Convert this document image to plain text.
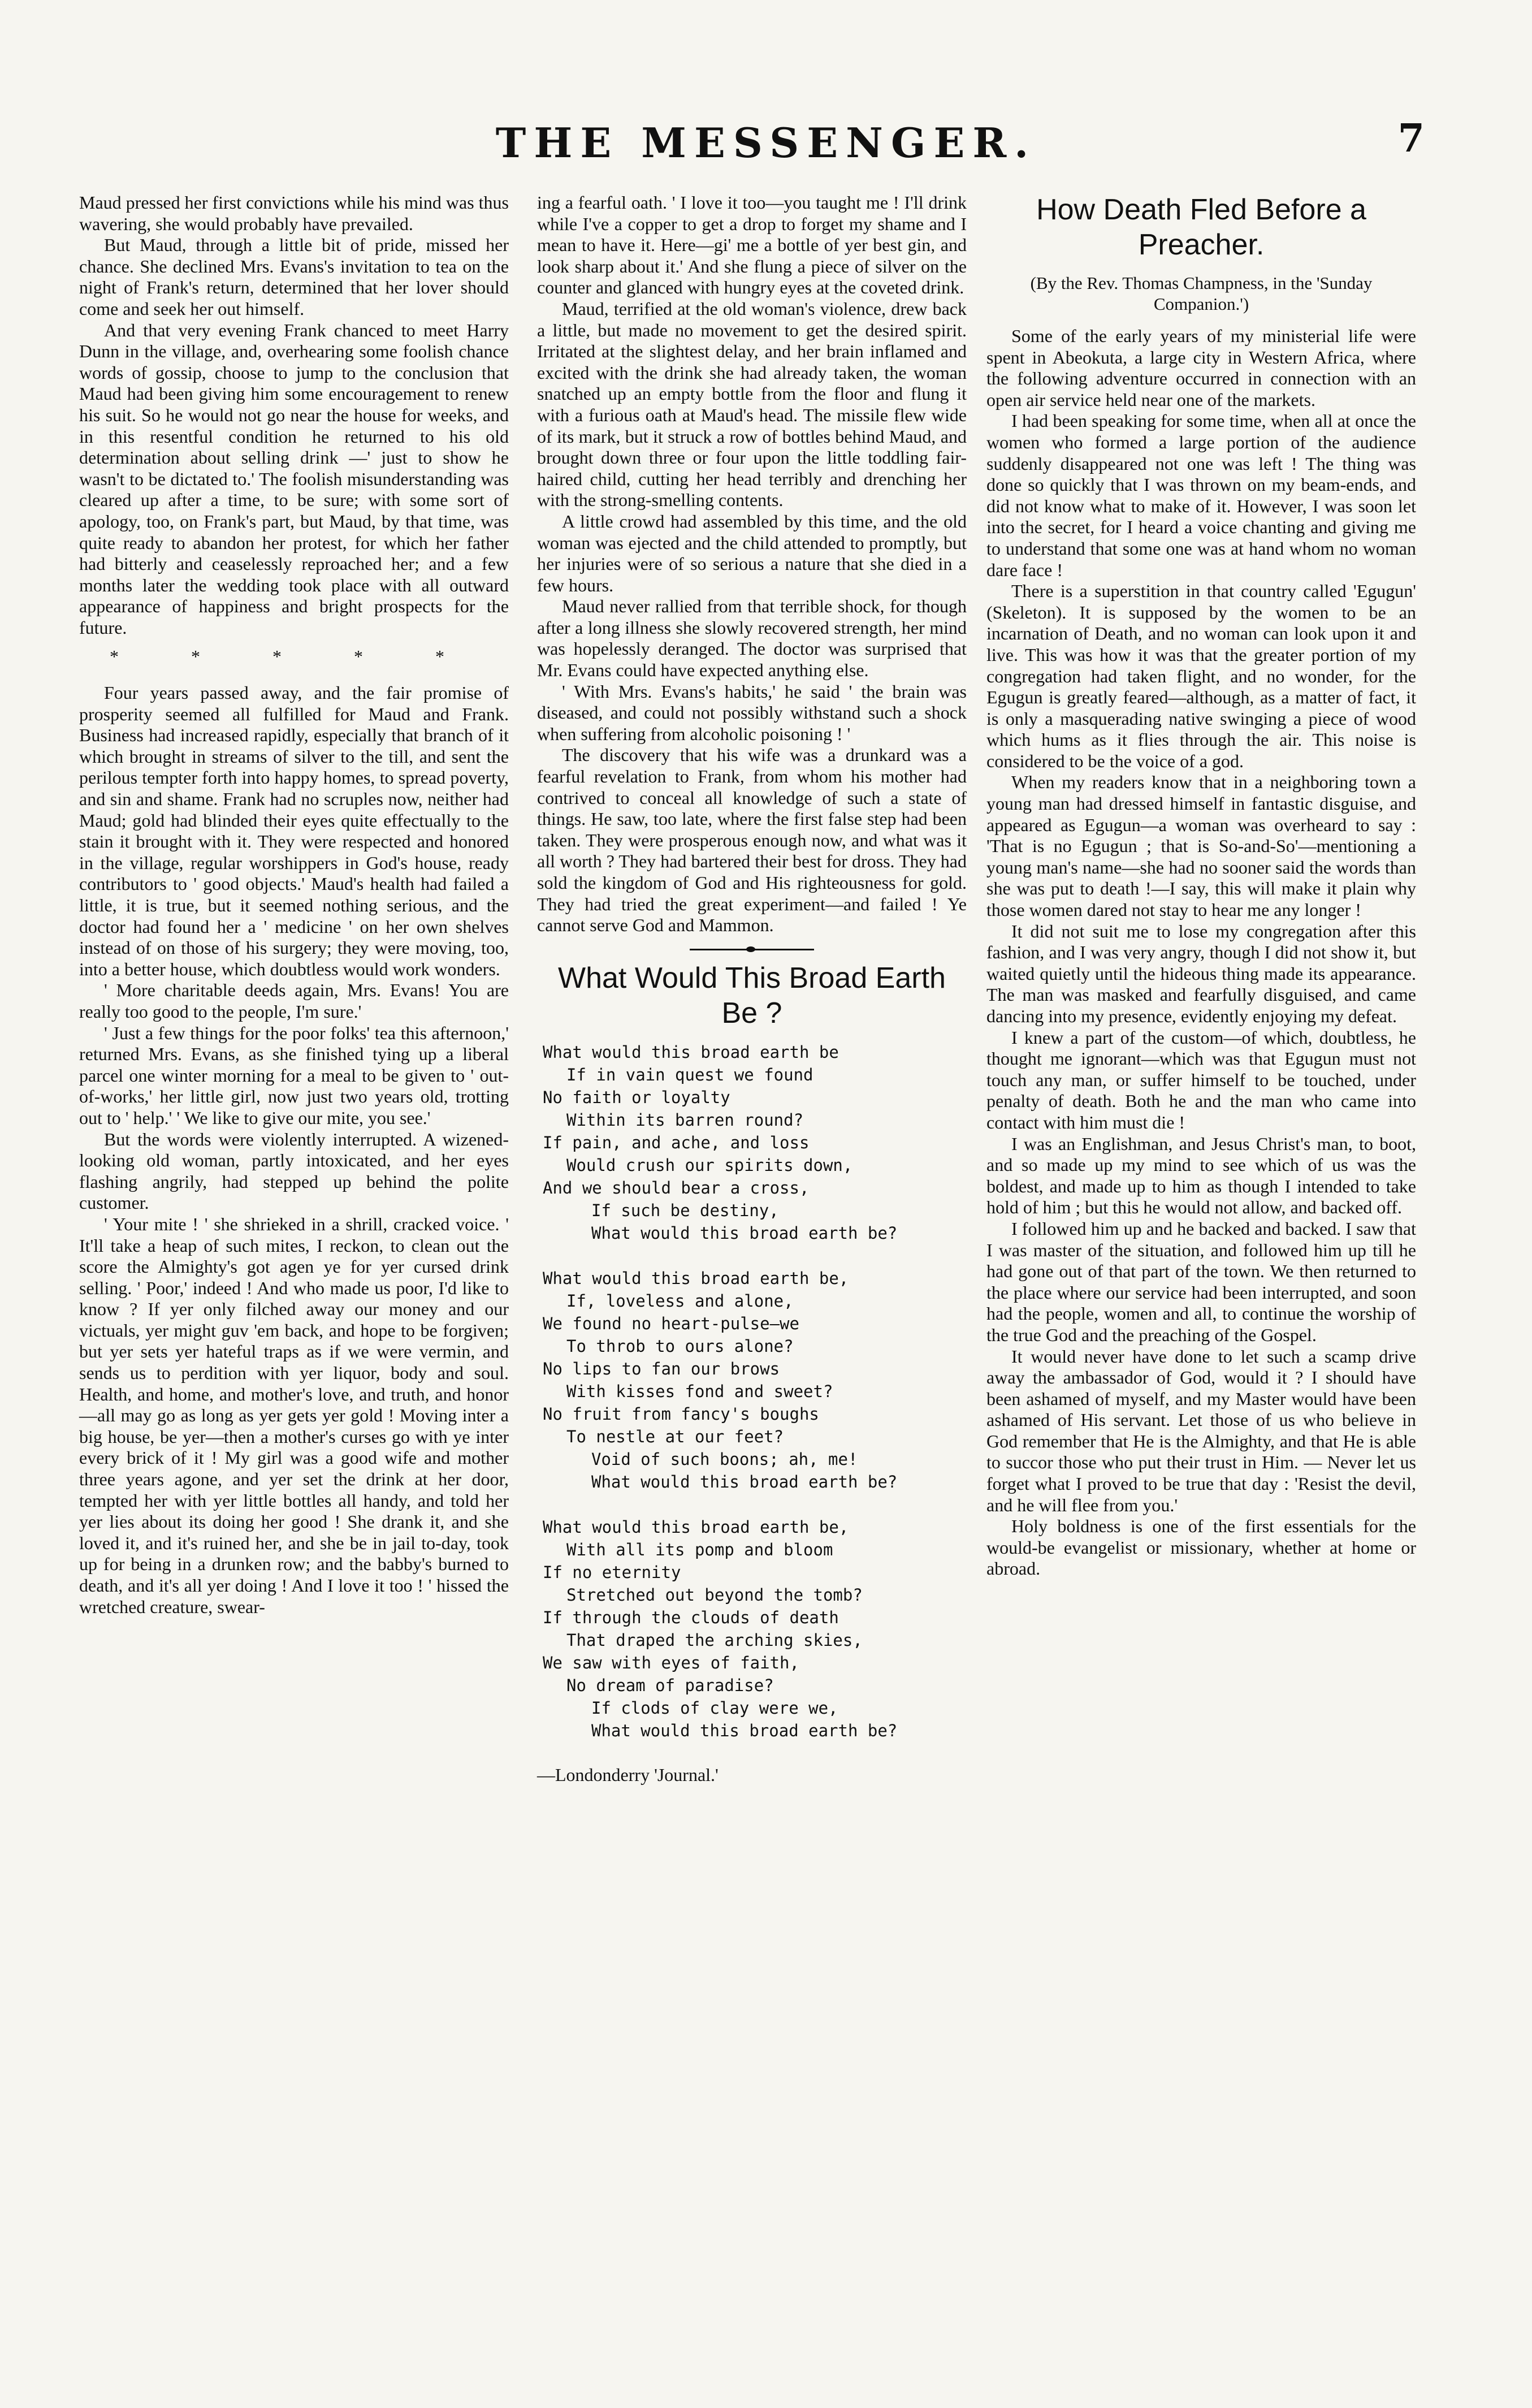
THE MESSENGER.	7

Maud pressed her first convictions while his mind was thus wavering, she would probably have prevailed.

But Maud, through a little bit of pride, missed her chance. She declined Mrs. Evans's invitation to tea on the night of Frank's return, determined that her lover should come and seek her out himself.

And that very evening Frank chanced to meet Harry Dunn in the village, and, overhearing some foolish chance words of gossip, choose to jump to the conclusion that Maud had been giving him some encouragement to renew his suit. So he would not go near the house for weeks, and in this resentful condition he returned to his old determination about selling drink —' just to show he wasn't to be dictated to.' The foolish misunderstanding was cleared up after a time, to be sure; with some sort of apology, too, on Frank's part, but Maud, by that time, was quite ready to abandon her protest, for which her father had bitterly and ceaselessly reproached her; and a few months later the wedding took place with all outward appearance of happiness and bright prospects for the future.

* * * * *

Four years passed away, and the fair promise of prosperity seemed all fulfilled for Maud and Frank. Business had increased rapidly, especially that branch of it which brought in streams of silver to the till, and sent the perilous tempter forth into happy homes, to spread poverty, and sin and shame. Frank had no scruples now, neither had Maud; gold had blinded their eyes quite effectually to the stain it brought with it. They were respected and honored in the village, regular worshippers in God's house, ready contributors to ' good objects.' Maud's health had failed a little, it is true, but it seemed nothing serious, and the doctor had found her a ' medicine ' on her own shelves instead of on those of his surgery; they were moving, too, into a better house, which doubtless would work wonders.

' More charitable deeds again, Mrs. Evans! You are really too good to the people, I'm sure.'

' Just a few things for the poor folks' tea this afternoon,' returned Mrs. Evans, as she finished tying up a liberal parcel one winter morning for a meal to be given to ' out-of-works,' her little girl, now just two years old, trotting out to ' help.' ' We like to give our mite, you see.'

But the words were violently interrupted. A wizened-looking old woman, partly intoxicated, and her eyes flashing angrily, had stepped up behind the polite customer.

' Your mite ! ' she shrieked in a shrill, cracked voice. ' It'll take a heap of such mites, I reckon, to clean out the score the Almighty's got agen ye for yer cursed drink selling. ' Poor,' indeed ! And who made us poor, I'd like to know ? If yer only filched away our money and our victuals, yer might guv 'em back, and hope to be forgiven; but yer sets yer hateful traps as if we were vermin, and sends us to perdition with yer liquor, body and soul. Health, and home, and mother's love, and truth, and honor—all may go as long as yer gets yer gold ! Moving inter a big house, be yer—then a mother's curses go with ye inter every brick of it ! My girl was a good wife and mother three years agone, and yer set the drink at her door, tempted her with yer little bottles all handy, and told her yer lies about its doing her good ! She drank it, and she loved it, and it's ruined her, and she be in jail to-day, took up for being in a drunken row; and the babby's burned to death, and it's all yer doing ! And I love it too ! ' hissed the wretched creature, swear-

ing a fearful oath. ' I love it too—you taught me ! I'll drink while I've a copper to get a drop to forget my shame and I mean to have it. Here—gi' me a bottle of yer best gin, and look sharp about it.' And she flung a piece of silver on the counter and glanced with hungry eyes at the coveted drink.

Maud, terrified at the old woman's violence, drew back a little, but made no movement to get the desired spirit. Irritated at the slightest delay, and her brain inflamed and excited with the drink she had already taken, the woman snatched up an empty bottle from the floor and flung it with a furious oath at Maud's head. The missile flew wide of its mark, but it struck a row of bottles behind Maud, and brought down three or four upon the little toddling fair-haired child, cutting her head terribly and drenching her with the strong-smelling contents.

A little crowd had assembled by this time, and the old woman was ejected and the child attended to promptly, but her injuries were of so serious a nature that she died in a few hours.

Maud never rallied from that terrible shock, for though after a long illness she slowly recovered strength, her mind was hopelessly deranged. The doctor was surprised that Mr. Evans could have expected anything else.

' With Mrs. Evans's habits,' he said ' the brain was diseased, and could not possibly withstand such a shock when suffering from alcoholic poisoning ! '

The discovery that his wife was a drunkard was a fearful revelation to Frank, from whom his mother had contrived to conceal all knowledge of such a state of things. He saw, too late, where the first false step had been taken. They were prosperous enough now, and what was it all worth ? They had bartered their best for dross. They had sold the kingdom of God and His righteousness for gold. They had tried the great experiment—and failed ! Ye cannot serve God and Mammon.

What Would This Broad Earth Be ?
What would this broad earth be
If in vain quest we found
No faith or loyalty
Within its barren round?
If pain, and ache, and loss
Would crush our spirits down,
And we should bear a cross,
If such be destiny,
What would this broad earth be?
What would this broad earth be,
If, loveless and alone,
We found no heart-pulse—we
To throb to ours alone?
No lips to fan our brows
With kisses fond and sweet?
No fruit from fancy's boughs
To nestle at our feet?
Void of such boons; ah, me!
What would this broad earth be?
What would this broad earth be,
With all its pomp and bloom
If no eternity
Stretched out beyond the tomb?
If through the clouds of death
That draped the arching skies,
We saw with eyes of faith,
No dream of paradise?
If clods of clay were we,
What would this broad earth be?
—Londonderry 'Journal.'
How Death Fled Before a Preacher.
(By the Rev. Thomas Champness, in the 'Sunday Companion.')

Some of the early years of my ministerial life were spent in Abeokuta, a large city in Western Africa, where the following adventure occurred in connection with an open air service held near one of the markets.

I had been speaking for some time, when all at once the women who formed a large portion of the audience suddenly disappeared not one was left ! The thing was done so quickly that I was thrown on my beam-ends, and did not know what to make of it. However, I was soon let into the secret, for I heard a voice chanting and giving me to understand that some one was at hand whom no woman dare face !

There is a superstition in that country called 'Egugun' (Skeleton). It is supposed by the women to be an incarnation of Death, and no woman can look upon it and live. This was how it was that the greater portion of my congregation had taken flight, and no wonder, for the Egugun is greatly feared—although, as a matter of fact, it is only a masquerading native swinging a piece of wood which hums as it flies through the air. This noise is considered to be the voice of a god.

When my readers know that in a neighboring town a young man had dressed himself in fantastic disguise, and appeared as Egugun—a woman was overheard to say : 'That is no Egugun ; that is So-and-So'—mentioning a young man's name—she had no sooner said the words than she was put to death !—I say, this will make it plain why those women dared not stay to hear me any longer !

It did not suit me to lose my congregation after this fashion, and I was very angry, though I did not show it, but waited quietly until the hideous thing made its appearance. The man was masked and fearfully disguised, and came dancing into my presence, evidently enjoying my defeat.

I knew a part of the custom—of which, doubtless, he thought me ignorant—which was that Egugun must not touch any man, or suffer himself to be touched, under penalty of death. Both he and the man who came into contact with him must die !

I was an Englishman, and Jesus Christ's man, to boot, and so made up my mind to see which of us was the boldest, and made up to him as though I intended to take hold of him ; but this he would not allow, and backed off.

I followed him up and he backed and backed. I saw that I was master of the situation, and followed him up till he had gone out of that part of the town. We then returned to the place where our service had been interrupted, and soon had the people, women and all, to continue the worship of the true God and the preaching of the Gospel.

It would never have done to let such a scamp drive away the ambassador of God, would it ? I should have been ashamed of myself, and my Master would have been ashamed of His servant. Let those of us who believe in God remember that He is the Almighty, and that He is able to succor those who put their trust in Him. — Never let us forget what I proved to be true that day : 'Resist the devil, and he will flee from you.'

Holy boldness is one of the first essentials for the would-be evangelist or missionary, whether at home or abroad.
